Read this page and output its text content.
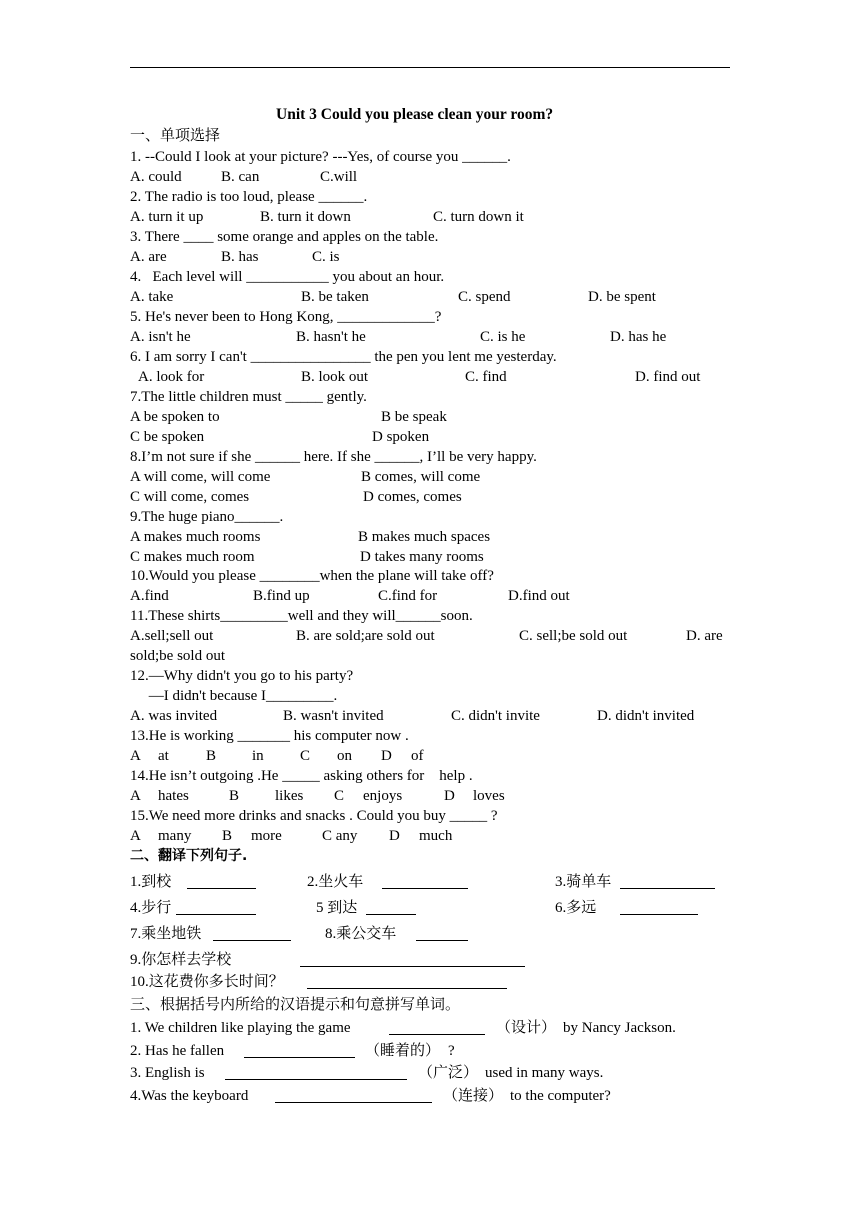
Unit 3 Could you please clean your room?
一、单项选择
1. --Could I look at your picture? ---Yes, of course you ______.
A. could	B. can	C.will
2. The radio is too loud, please ______.
A. turn it up	B. turn it down	C. turn down it
3. There ____ some orange and apples on the table.
A. are	B. has	C. is
4.   Each level will ___________ you about an hour.
A. take	B. be taken	C. spend	D. be spent
5. He's never been to Hong Kong, _____________?
A. isn't he	B. hasn't he	C. is he	D. has he
6. I am sorry I can't ________________ the pen you lent me yesterday.
A. look for	B. look out	C. find	D. find out
7.The little children must _____ gently.
A be spoken to	B be speak
C be spoken	D spoken
8.I’m not sure if she ______ here. If she ______, I’ll be very happy.
A will come, will come	B comes, will come
C will come, comes	D comes, comes
9.The huge piano______.
A makes much rooms	B makes much spaces
C makes much room	D takes many rooms
10.Would you please ________when the plane will take off?
A.find	B.find up	C.find for	D.find out
11.These shirts_________well and they will______soon.
A.sell;sell out	B. are sold;are sold out	C. sell;be sold out	D. are
sold;be sold out
12.—Why didn't you go to his party?
—I didn't because I_________.
A. was invited	B. wasn't invited	C. didn't invite	D. didn't invited
13.He is working _______ his computer now .
A at B in C on D of
14.He isn’t outgoing .He _____ asking others for    help .
A hates	B likes C enjoys	D loves
15.We need more drinks and snacks . Could you buy _____ ?
A many B more	C any D much
二、翻译下列句子.
1.到校	2.坐火车	3.骑单车
4.步行	5 到达	6.多远
7.乘坐地铁	8.乘公交车
9.你怎样去学校
10.这花费你多长时间？
三、根据括号内所给的汉语提示和句意拼写单词。
1. We children like playing the game	（设计） by Nancy Jackson.
2. Has he fallen	（睡着的） ?
3. English is	（广泛） used in many ways.
4.Was the keyboard	（连接） to the computer?
